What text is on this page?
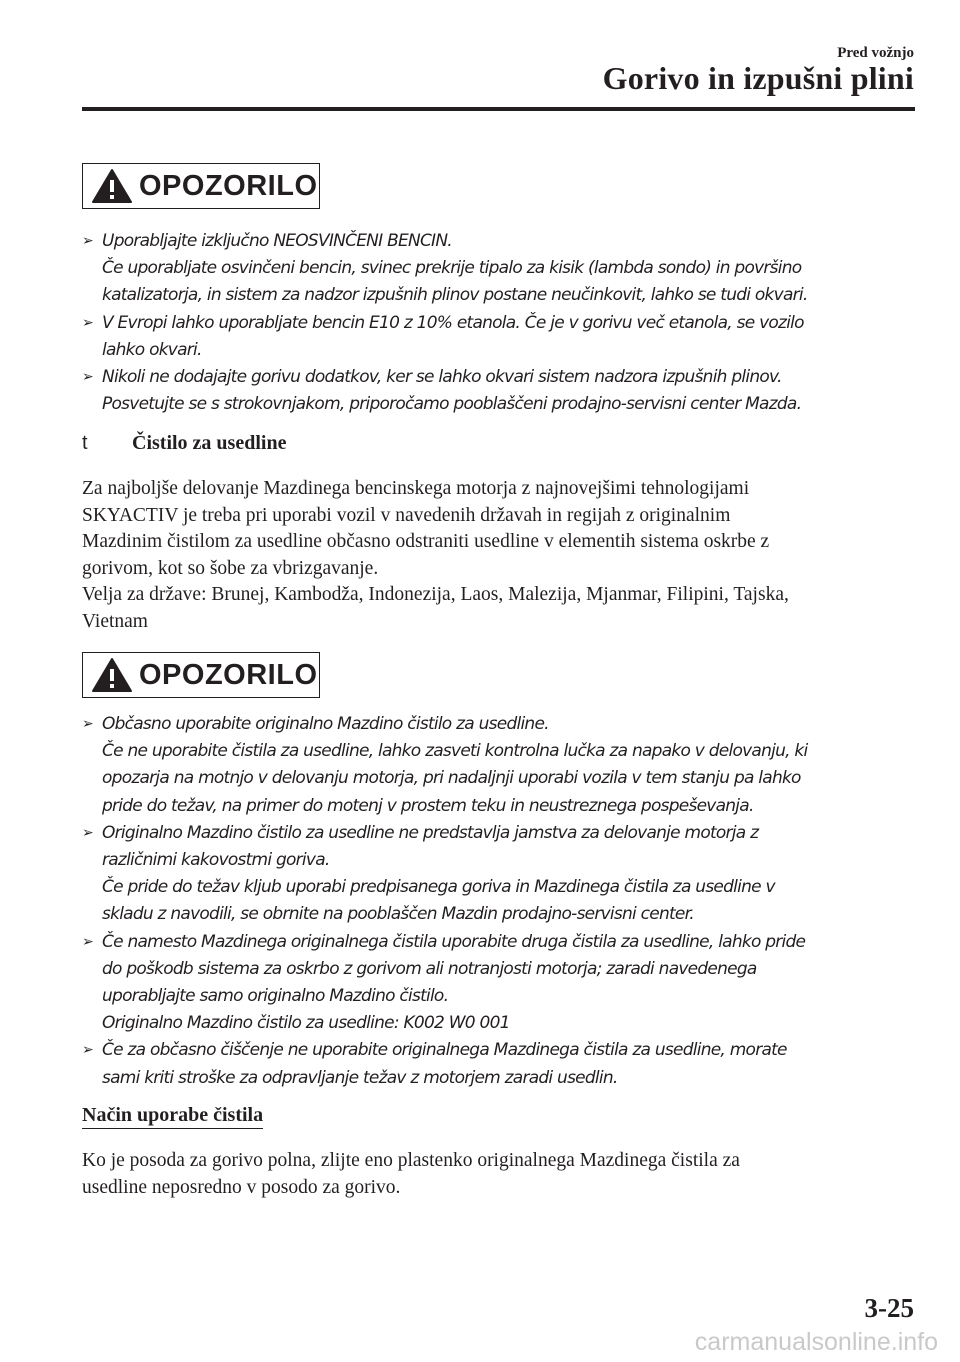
Pred vožnjo
Gorivo in izpušni plini
OPOZORILO
➢ Uporabljajte izključno NEOSVINČENI BENCIN.
Če uporabljate osvinčeni bencin, svinec prekrije tipalo za kisik (lambda sondo) in površino
katalizatorja, in sistem za nadzor izpušnih plinov postane neučinkovit, lahko se tudi okvari.
➢ V Evropi lahko uporabljate bencin E10 z 10% etanola. Če je v gorivu več etanola, se vozilo
lahko okvari.
➢ Nikoli ne dodajajte gorivu dodatkov, ker se lahko okvari sistem nadzora izpušnih plinov.
Posvetujte se s strokovnjakom, priporočamo pooblaščeni prodajno-servisni center Mazda.
t Čistilo za usedline
Za najboljše delovanje Mazdinega bencinskega motorja z najnovejšimi tehnologijami
SKYACTIV je treba pri uporabi vozil v navedenih državah in regijah z originalnim
Mazdinim čistilom za usedline občasno odstraniti usedline v elementih sistema oskrbe z
gorivom, kot so šobe za vbrizgavanje.
Velja za države: Brunej, Kambodža, Indonezija, Laos, Malezija, Mjanmar, Filipini, Tajska,
Vietnam
OPOZORILO
➢ Občasno uporabite originalno Mazdino čistilo za usedline.
Če ne uporabite čistila za usedline, lahko zasveti kontrolna lučka za napako v delovanju, ki
opozarja na motnjo v delovanju motorja, pri nadaljnji uporabi vozila v tem stanju pa lahko
pride do težav, na primer do motenj v prostem teku in neustreznega pospeševanja.
➢ Originalno Mazdino čistilo za usedline ne predstavlja jamstva za delovanje motorja z
različnimi kakovostmi goriva.
Če pride do težav kljub uporabi predpisanega goriva in Mazdinega čistila za usedline v
skladu z navodili, se obrnite na pooblaščen Mazdin prodajno-servisni center.
➢ Če namesto Mazdinega originalnega čistila uporabite druga čistila za usedline, lahko pride
do poškodb sistema za oskrbo z gorivom ali notranjosti motorja; zaradi navedenega
uporabljajte samo originalno Mazdino čistilo.
Originalno Mazdino čistilo za usedline: K002 W0 001
➢ Če za občasno čiščenje ne uporabite originalnega Mazdinega čistila za usedline, morate
sami kriti stroške za odpravljanje težav z motorjem zaradi usedlin.
Način uporabe čistila
Ko je posoda za gorivo polna, zlijte eno plastenko originalnega Mazdinega čistila za
usedline neposredno v posodo za gorivo.
3-25
carmanualsonline.info
